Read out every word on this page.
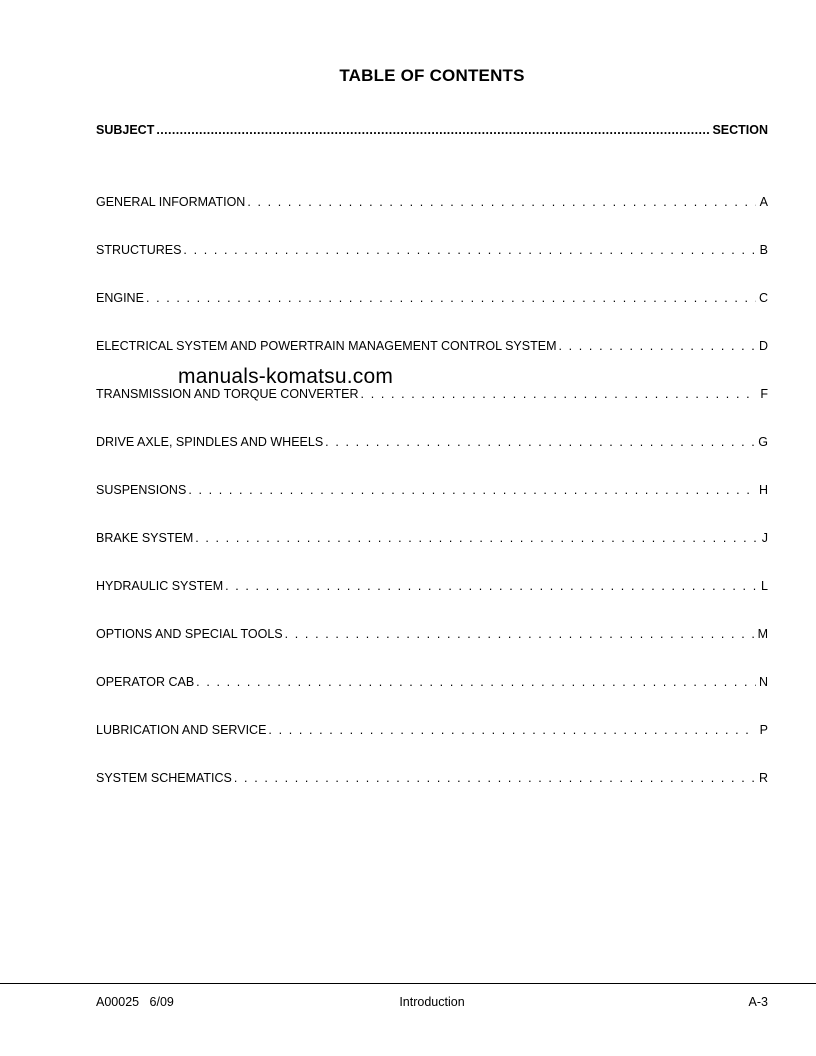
TABLE OF CONTENTS
SUBJECT .....	SECTION
GENERAL INFORMATION . . .	A
STRUCTURES . . .	B
ENGINE . . .	C
ELECTRICAL SYSTEM AND POWERTRAIN MANAGEMENT CONTROL SYSTEM . . .	D
manuals-komatsu.com
TRANSMISSION AND TORQUE CONVERTER . . .	F
DRIVE AXLE, SPINDLES AND WHEELS . . .	G
SUSPENSIONS . . .	H
BRAKE SYSTEM . . .	J
HYDRAULIC SYSTEM . . .	L
OPTIONS AND SPECIAL TOOLS . . .	M
OPERATOR CAB . . .	N
LUBRICATION AND SERVICE . . .	P
SYSTEM SCHEMATICS . . .	R
A00025   6/09	Introduction	A-3
